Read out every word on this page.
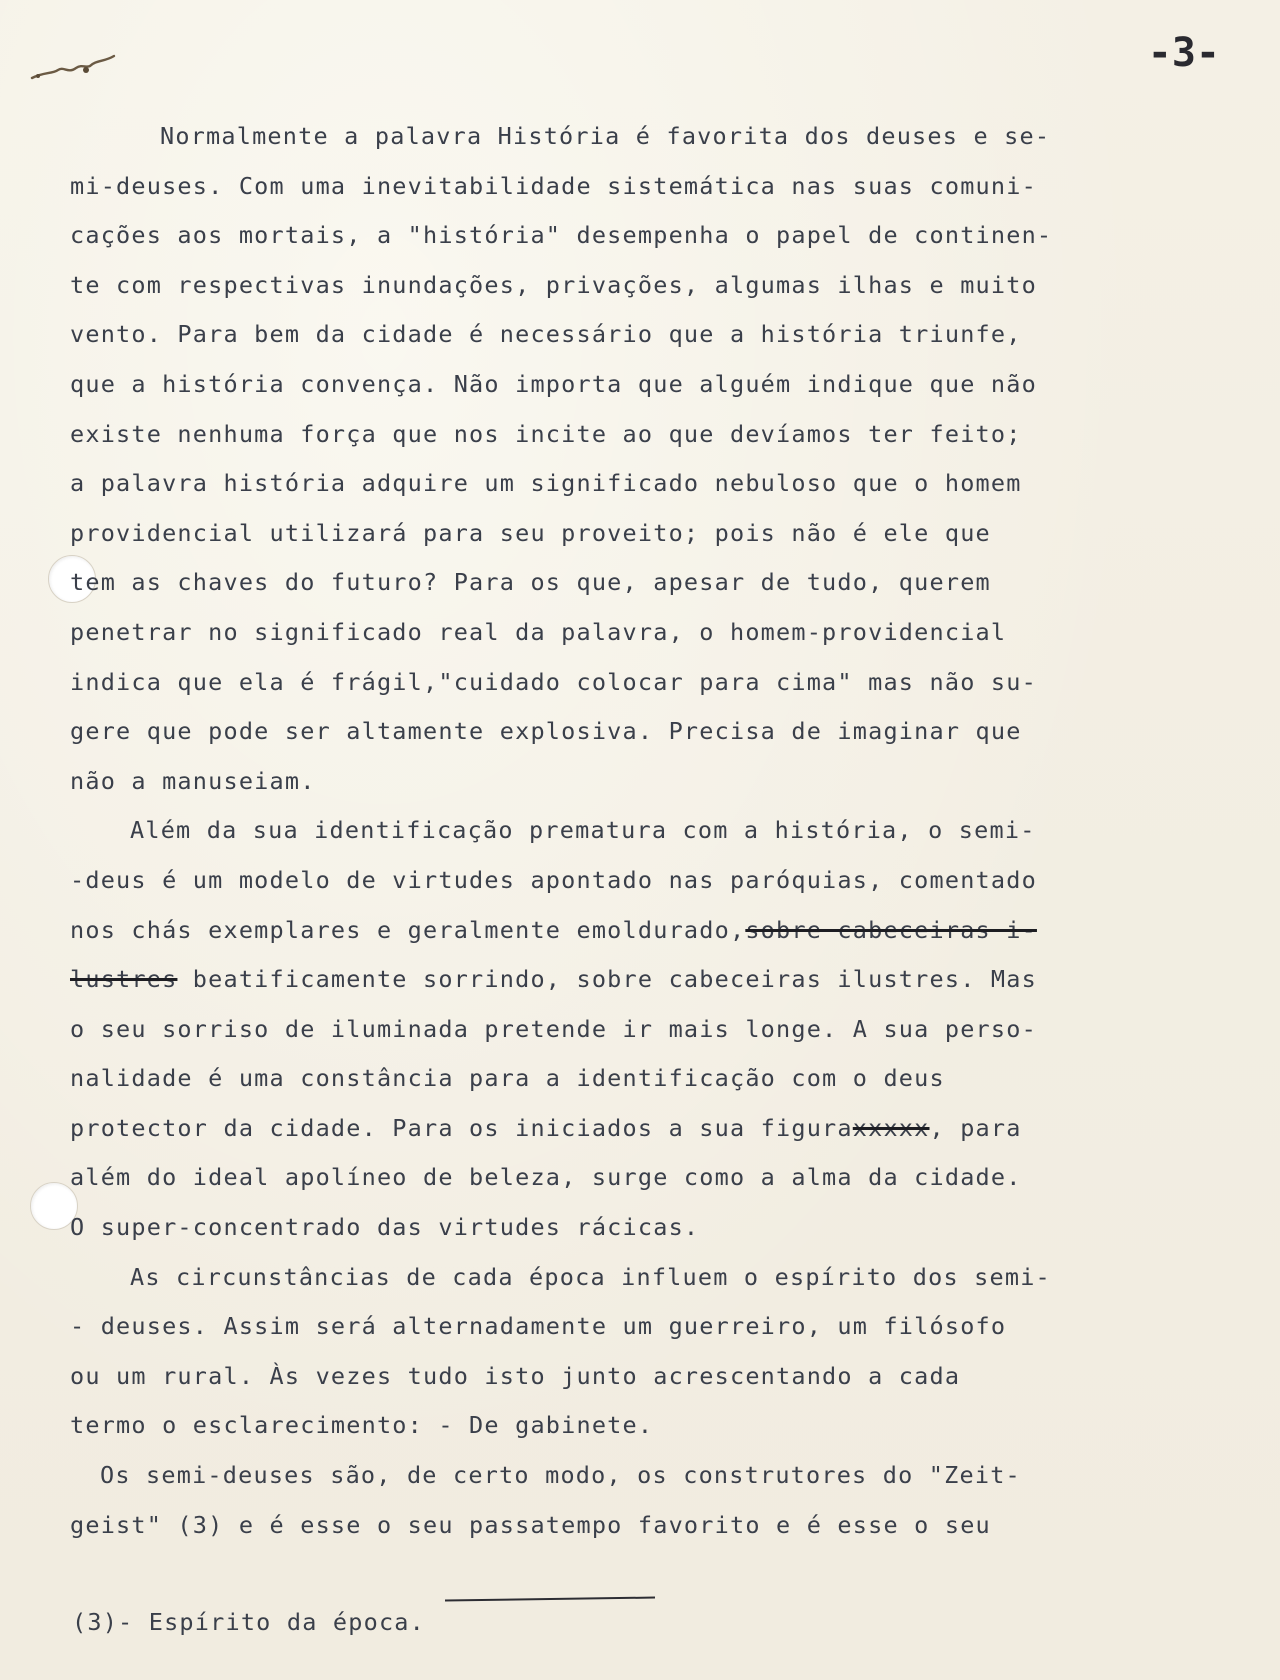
-3-
Normalmente a palavra História é favorita dos deuses e se-
mi-deuses. Com uma inevitabilidade sistemática nas suas comuni-
cações aos mortais, a "história" desempenha o papel de continen-
te com respectivas inundações, privações, algumas ilhas e muito
vento. Para bem da cidade é necessário que a história triunfe,
que a história convença. Não importa que alguém indique que não
existe nenhuma força que nos incite ao que devíamos ter feito;
a palavra história adquire um significado nebuloso que o homem
providencial utilizará para seu proveito; pois não é ele que
tem as chaves do futuro? Para os que, apesar de tudo, querem
penetrar no significado real da palavra, o homem-providencial
indica que ela é frágil,"cuidado colocar para cima" mas não su-
gere que pode ser altamente explosiva. Precisa de imaginar que
não a manuseiam.
Além da sua identificação prematura com a história, o semi-
-deus é um modelo de virtudes apontado nas paróquias, comentado
nos chás exemplares e geralmente emoldurado,sobre cabeceiras i-
lustres beatificamente sorrindo, sobre cabeceiras ilustres. Mas
o seu sorriso de iluminada pretende ir mais longe. A sua perso-
nalidade é uma constância para a identificação com o deus
protector da cidade. Para os iniciados a sua figuraxxxxx, para
além do ideal apolíneo de beleza, surge como a alma da cidade.
O super-concentrado das virtudes rácicas.
As circunstâncias de cada época influem o espírito dos semi-
- deuses. Assim será alternadamente um guerreiro, um filósofo
ou um rural. Às vezes tudo isto junto acrescentando a cada
termo o esclarecimento: - De gabinete.
Os semi-deuses são, de certo modo, os construtores do "Zeit-
geist" (3) e é esse o seu passatempo favorito e é esse o seu
(3)- Espírito da época.
